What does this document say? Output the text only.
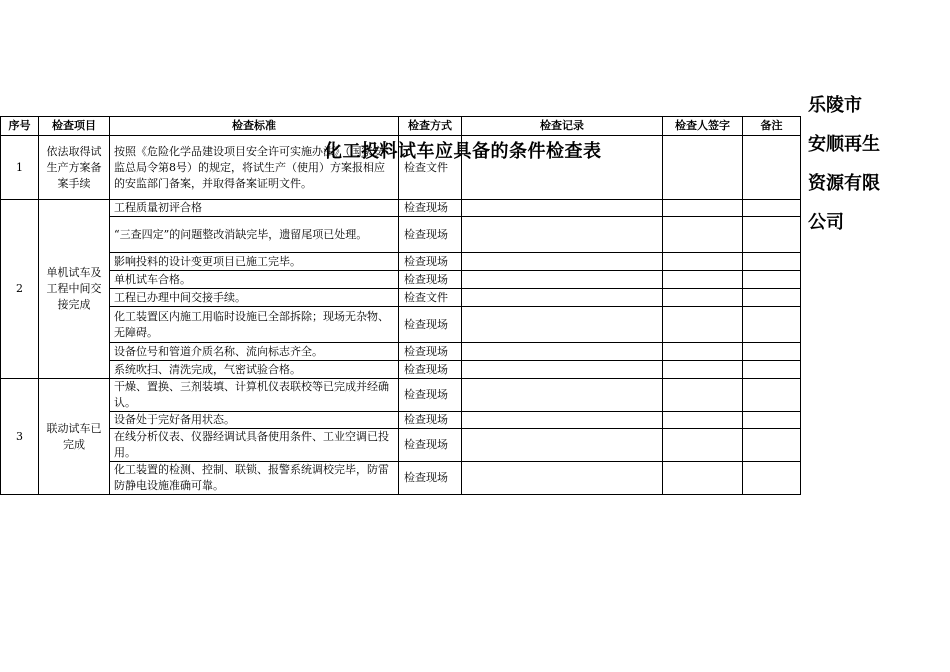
乐陵市
安顺再生
资源有限
公司
化工投料试车应具备的条件检查表
序号	检查项目	检查标准	检查方式	检查记录	检查人签字	备注
1	依法取得试生产方案备案手续	按照《危险化学品建设项目安全许可实施办法》（国家安监总局令第8号）的规定，将试生产（使用）方案报相应的安监部门备案，并取得备案证明文件。	检查文件			
2	单机试车及工程中间交接完成	工程质量初评合格	检查现场			
		“三查四定”的问题整改消缺完毕，遗留尾项已处理。	检查现场			
		影响投料的设计变更项目已施工完毕。	检查现场			
		单机试车合格。	检查现场			
		工程已办理中间交接手续。	检查文件			
		化工装置区内施工用临时设施已全部拆除；现场无杂物、无障碍。	检查现场			
		设备位号和管道介质名称、流向标志齐全。	检查现场			
		系统吹扫、清洗完成，气密试验合格。	检查现场			
3	联动试车已完成	干燥、置换、三剂装填、计算机仪表联校等已完成并经确认。	检查现场			
		设备处于完好备用状态。	检查现场			
		在线分析仪表、仪器经调试具备使用条件、工业空调已投用。	检查现场			
		化工装置的检测、控制、联锁、报警系统调校完毕，防雷防静电设施准确可靠。	检查现场			
